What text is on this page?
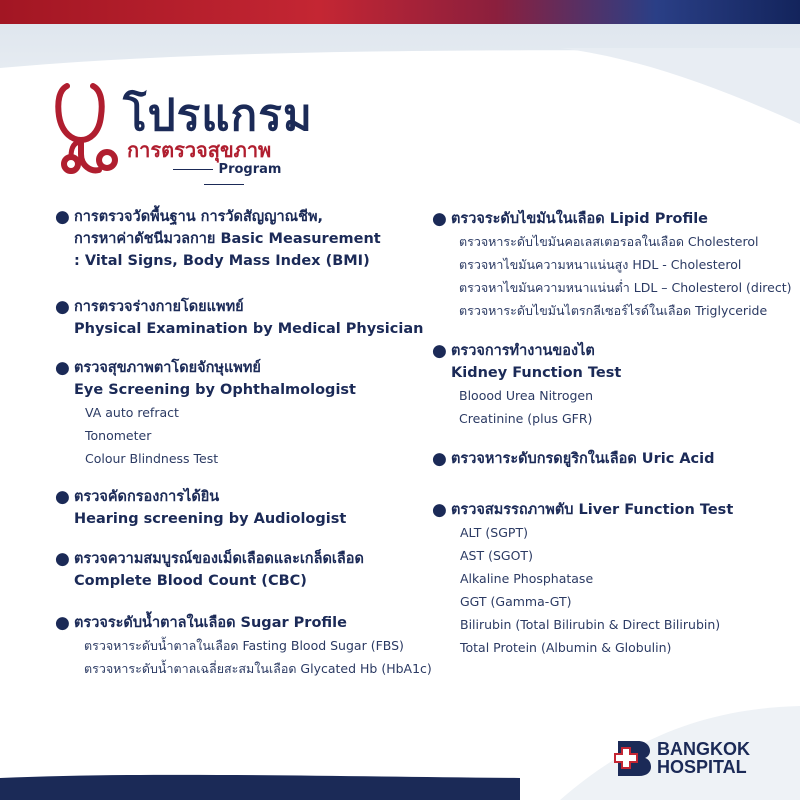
โปรแกรม
การตรวจสุขภาพ
Program
● การตรวจวัดพื้นฐาน การวัดสัญญาณชีพ,
การหาค่าดัชนีมวลกาย Basic Measurement
: Vital Signs, Body Mass Index (BMI)
● การตรวจร่างกายโดยแพทย์
Physical Examination by Medical Physician
● ตรวจสุขภาพตาโดยจักษุแพทย์
Eye Screening by Ophthalmologist
VA auto refract
Tonometer
Colour Blindness Test
● ตรวจคัดกรองการได้ยิน
Hearing screening by Audiologist
● ตรวจความสมบูรณ์ของเม็ดเลือดและเกล็ดเลือด
Complete Blood Count (CBC)
● ตรวจระดับน้ำตาลในเลือด Sugar Profile
ตรวจหาระดับน้ำตาลในเลือด Fasting Blood Sugar (FBS)
ตรวจหาระดับน้ำตาลเฉลี่ยสะสมในเลือด Glycated Hb (HbA1c)
● ตรวจระดับไขมันในเลือด Lipid Profile
ตรวจหาระดับไขมันคอเลสเตอรอลในเลือด Cholesterol
ตรวจหาไขมันความหนาแน่นสูง HDL - Cholesterol
ตรวจหาไขมันความหนาแน่นต่ำ LDL – Cholesterol (direct)
ตรวจหาระดับไขมันไตรกลีเซอร์ไรด์ในเลือด Triglyceride
● ตรวจการทำงานของไต
Kidney Function Test
Bloood Urea Nitrogen
Creatinine (plus GFR)
● ตรวจหาระดับกรดยูริกในเลือด Uric Acid
● ตรวจสมรรถภาพตับ Liver Function Test
ALT (SGPT)
AST (SGOT)
Alkaline Phosphatase
GGT (Gamma-GT)
Bilirubin (Total Bilirubin & Direct Bilirubin)
Total Protein (Albumin & Globulin)
BANGKOK
HOSPITAL
